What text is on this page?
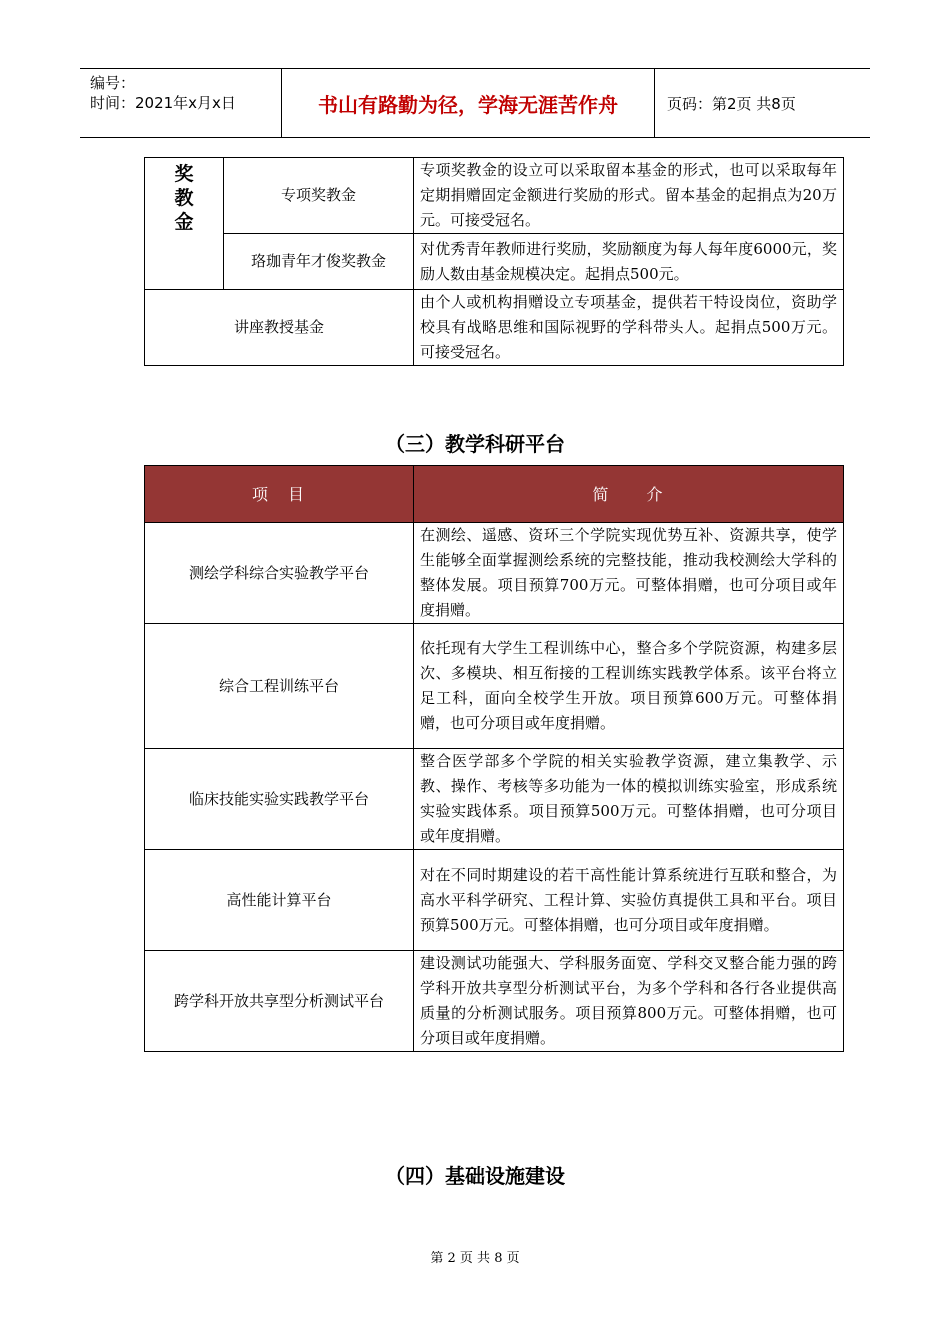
编号：
时间：2021年x月x日	书山有路勤为径，学海无涯苦作舟	页码：第2页 共8页
奖
教
金	专项奖教金	专项奖教金的设立可以采取留本基金的形式，也可以采取每年定期捐赠固定金额进行奖励的形式。留本基金的起捐点为20万元。可接受冠名。
	珞珈青年才俊奖教金	对优秀青年教师进行奖励，奖励额度为每人每年度6000元，奖励人数由基金规模决定。起捐点500元。
讲座教授基金		由个人或机构捐赠设立专项基金，提供若干特设岗位，资助学校具有战略思维和国际视野的学科带头人。起捐点500万元。可接受冠名。
（三）教学科研平台
项　目	简　　介
测绘学科综合实验教学平台	在测绘、遥感、资环三个学院实现优势互补、资源共享，使学生能够全面掌握测绘系统的完整技能，推动我校测绘大学科的整体发展。项目预算700万元。可整体捐赠，也可分项目或年度捐赠。
综合工程训练平台	依托现有大学生工程训练中心，整合多个学院资源，构建多层次、多模块、相互衔接的工程训练实践教学体系。该平台将立足工科，面向全校学生开放。项目预算600万元。可整体捐赠，也可分项目或年度捐赠。
临床技能实验实践教学平台	整合医学部多个学院的相关实验教学资源，建立集教学、示教、操作、考核等多功能为一体的模拟训练实验室，形成系统实验实践体系。项目预算500万元。可整体捐赠，也可分项目或年度捐赠。
高性能计算平台	对在不同时期建设的若干高性能计算系统进行互联和整合，为高水平科学研究、工程计算、实验仿真提供工具和平台。项目预算500万元。可整体捐赠，也可分项目或年度捐赠。
跨学科开放共享型分析测试平台	建设测试功能强大、学科服务面宽、学科交叉整合能力强的跨学科开放共享型分析测试平台，为多个学科和各行各业提供高质量的分析测试服务。项目预算800万元。可整体捐赠，也可分项目或年度捐赠。
（四）基础设施建设
第 2 页 共 8 页
